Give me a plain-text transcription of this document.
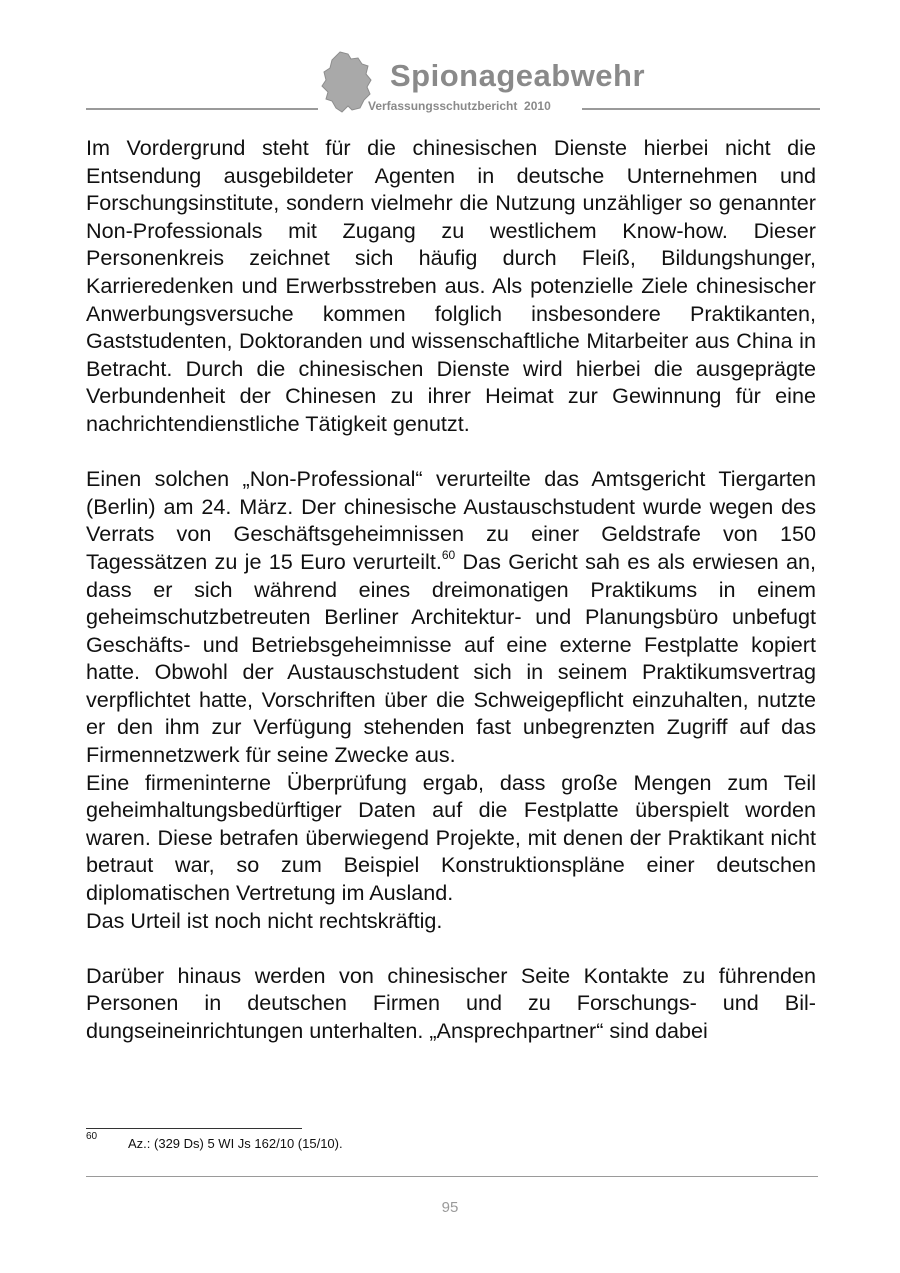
Spionageabwehr
Verfassungsschutzbericht  2010

Im Vordergrund steht für die chinesischen Dienste hierbei nicht die Entsendung ausgebildeter Agenten in deutsche Unternehmen und Forschungsinstitute, sondern vielmehr die Nutzung unzähliger so genannter Non-Professionals mit Zugang zu westlichem Know-how. Dieser Personenkreis zeichnet sich häufig durch Fleiß, Bildungshunger, Karrieredenken und Erwerbsstreben aus. Als potenzielle Ziele chinesischer Anwerbungsversuche kommen folglich insbesondere Praktikanten, Gaststudenten, Doktoranden und wissenschaftliche Mitarbeiter aus China in Betracht. Durch die chinesischen Dienste wird hierbei die ausgeprägte Verbundenheit der Chinesen zu ihrer Heimat zur Gewinnung für eine nachrichtendienstliche Tätigkeit genutzt.

Einen solchen „Non-Professional“ verurteilte das Amtsgericht Tiergarten (Berlin) am 24. März. Der chinesische Austauschstudent wurde wegen des Verrats von Geschäftsgeheimnissen zu einer Geldstrafe von 150 Tagessätzen zu je 15 Euro verurteilt.$^{60}$ Das Gericht sah es als erwiesen an, dass er sich während eines dreimonatigen Praktikums in einem geheimschutzbetreuten Berliner Architektur- und Planungsbüro unbefugt Geschäfts- und Betriebsgeheimnisse auf eine externe Festplatte kopiert hatte. Obwohl der Austauschstudent sich in seinem Praktikumsvertrag verpflichtet hatte, Vorschriften über die Schweigepflicht einzuhalten, nutzte er den ihm zur Verfügung stehenden fast unbegrenzten Zugriff auf das Firmennetzwerk für seine Zwecke aus.

Eine firmeninterne Überprüfung ergab, dass große Mengen zum Teil geheimhaltungsbedürftiger Daten auf die Festplatte überspielt worden waren. Diese betrafen überwiegend Projekte, mit denen der Praktikant nicht betraut war, so zum Beispiel Konstruktionspläne einer deutschen diplomatischen Vertretung im Ausland.

Das Urteil ist noch nicht rechtskräftig.

Darüber hinaus werden von chinesischer Seite Kontakte zu führenden Personen in deutschen Firmen und zu Forschungs- und Bildungseineinrichtungen unterhalten. „Ansprechpartner“ sind dabei

60 Az.: (329 Ds) 5 WI Js 162/10 (15/10).
95
